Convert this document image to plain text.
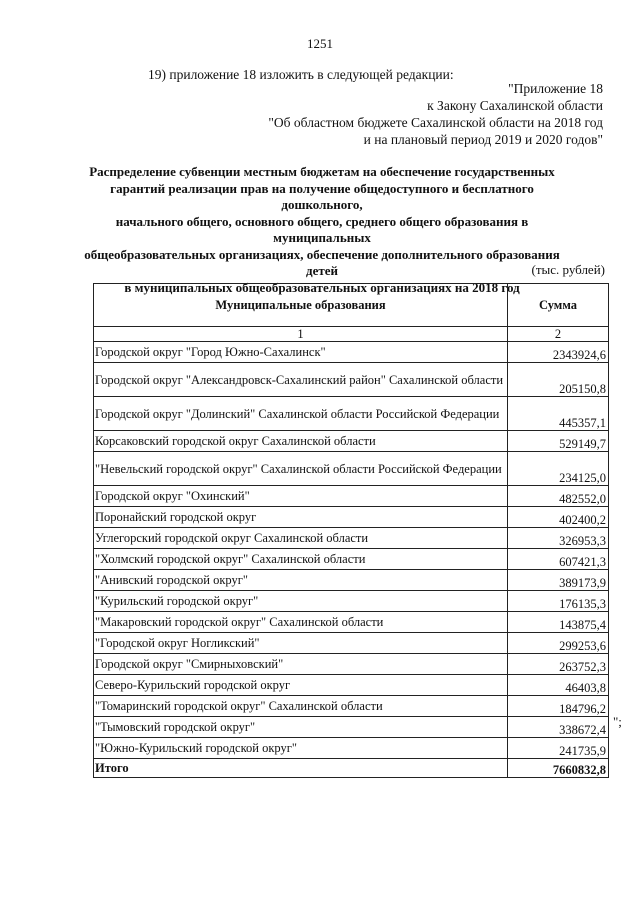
1251
19) приложение 18 изложить в следующей редакции:
"Приложение 18
к Закону Сахалинской области
"Об областном бюджете Сахалинской области на 2018 год
и на плановый период 2019 и 2020 годов"
Распределение субвенции местным бюджетам на обеспечение государственных
гарантий реализации прав на получение общедоступного и бесплатного дошкольного,
начального общего, основного общего, среднего общего образования в муниципальных
общеобразовательных организациях, обеспечение дополнительного образования детей
в муниципальных общеобразовательных организациях на 2018 год
(тыс. рублей)
Муниципальные образования	Сумма
1	2
Городской округ "Город Южно-Сахалинск"	2343924,6
Городской округ "Александровск-Сахалинский район" Сахалинской области	205150,8
Городской округ "Долинский" Сахалинской области Российской Федерации	445357,1
Корсаковский городской округ Сахалинской области	529149,7
"Невельский городской округ" Сахалинской области Российской Федерации	234125,0
Городской округ "Охинский"	482552,0
Поронайский городской округ	402400,2
Углегорский городской округ Сахалинской области	326953,3
"Холмский городской округ" Сахалинской области	607421,3
"Анивский городской округ"	389173,9
"Курильский городской округ"	176135,3
"Макаровский городской округ" Сахалинской области	143875,4
"Городской округ Ногликский"	299253,6
Городской округ "Смирныховский"	263752,3
Северо-Курильский городской округ	46403,8
"Томаринский городской округ" Сахалинской области	184796,2
"Тымовский городской округ"	338672,4
"Южно-Курильский городской округ"	241735,9
Итого	7660832,8
";
